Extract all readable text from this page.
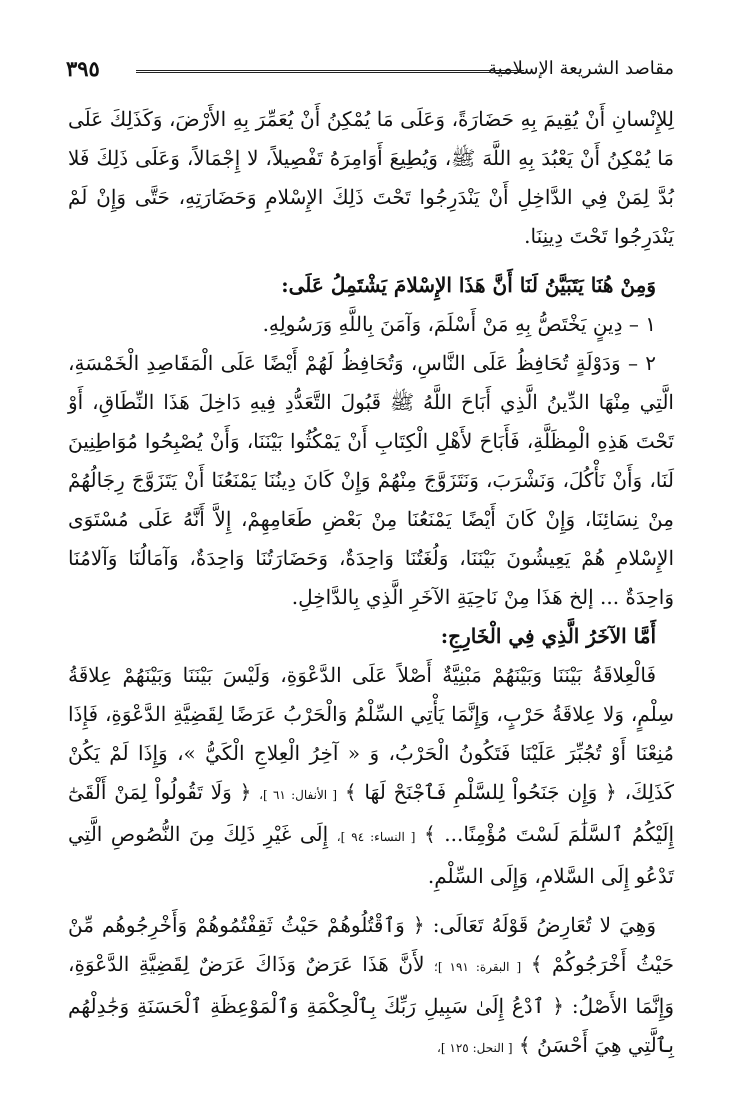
مقاصد الشريعة الإسلامية
٣٩٥

لِلإِنْسانِ أَنْ يُقِيمَ بِهِ حَضَارَةً، وَعَلَى مَا يُمْكِنُ أَنْ يُعَمِّرَ بِهِ الأَرْضَ، وَكَذَلِكَ عَلَى مَا يُمْكِنُ أَنْ يَعْبُدَ بِهِ اللَّهَ ﷺ، وَيُطِيعَ أَوَامِرَهُ تَفْصِيلاً، لا إِجْمَالاً، وَعَلَى ذَلِكَ فَلا بُدَّ لِمَنْ فِي الدَّاخِلِ أَنْ يَنْدَرِجُوا تَحْتَ ذَلِكَ الإِسْلامِ وَحَضَارَتِهِ، حَتَّى وَإِنْ لَمْ يَنْدَرِجُوا تَحْتَ دِينِنَا.

وَمِنْ هُنَا يَتَبَيَّنُ لَنَا أَنَّ هَذَا الإِسْلامَ يَشْتَمِلُ عَلَى:

١ – دِينٍ يَخْتَصُّ بِهِ مَنْ أَسْلَمَ، وَآمَنَ بِاللَّهِ وَرَسُولِهِ.

٢ – وَدَوْلَةٍ تُحَافِظُ عَلَى النَّاسِ، وَتُحَافِظُ لَهُمْ أَيْضًا عَلَى الْمَقَاصِدِ الْخَمْسَةِ، الَّتِي مِنْهَا الدِّينُ الَّذِي أَبَاحَ اللَّهُ ﷺ قَبُولَ التَّعَدُّدِ فِيهِ دَاخِلَ هَذَا النِّطَاقِ، أَوْ تَحْتَ هَذِهِ الْمِظَلَّةِ، فَأَبَاحَ لأَهْلِ الْكِتَابِ أَنْ يَمْكُثُوا بَيْنَنَا، وَأَنْ يُصْبِحُوا مُوَاطِنِينَ لَنَا، وَأَنْ نَأْكُلَ، وَنَشْرَبَ، وَنَتَزَوَّجَ مِنْهُمْ وَإِنْ كَانَ دِينُنَا يَمْنَعُنَا أَنْ يَتَزَوَّجَ رِجَالُهُمْ مِنْ نِسَائِنَا، وَإِنْ كَانَ أَيْضًا يَمْنَعُنَا مِنْ بَعْضِ طَعَامِهِمْ، إِلاَّ أَنَّهُ عَلَى مُسْتَوَى الإِسْلامِ هُمْ يَعِيشُونَ بَيْنَنَا، وَلُغَتُنَا وَاحِدَةٌ، وَحَضَارَتُنَا وَاحِدَةٌ، وَآمَالُنَا وَآلامُنَا وَاحِدَةٌ ... إلخ هَذَا مِنْ نَاحِيَةِ الآخَرِ الَّذِي بِالدَّاخِلِ.

أَمَّا الآخَرُ الَّذِي فِي الْخَارِجِ:

فَالْعِلاقَةُ بَيْنَنَا وَبَيْنَهُمْ مَبْنِيَّةٌ أَصْلاً عَلَى الدَّعْوَةِ، وَلَيْسَ بَيْنَنَا وَبَيْنَهُمْ عِلاقَةُ سِلْمٍ، وَلا عِلاقَةُ حَرْبٍ، وَإِنَّمَا يَأْتِي السِّلْمُ وَالْحَرْبُ عَرَضًا لِقَضِيَّةِ الدَّعْوَةِ، فَإِذَا مُنِعْنَا أَوْ تُجُبِّرَ عَلَيْنَا فَتَكُونُ الْحَرْبُ، وَ « آخِرُ الْعِلاجِ الْكَيُّ »، وَإِذَا لَمْ يَكُنْ كَذَلِكَ، ﴿ وَإِن جَنَحُواْ لِلسَّلْمِ فَٱجْنَحْ لَهَا ﴾ [ الأنفال: ٦١ ]، ﴿ وَلَا تَقُولُواْ لِمَنْ أَلْقَىٰٓ إِلَيْكُمُ ٱلسَّلَٰمَ لَسْتَ مُؤْمِنًا... ﴾ [ النساء: ٩٤ ]، إِلَى غَيْرِ ذَلِكَ مِنَ النُّصُوصِ الَّتِي تَدْعُو إِلَى السَّلامِ، وَإِلَى السِّلْمِ.

وَهِيَ لا تُعَارِضُ قَوْلَهُ تَعَالَى: ﴿ وَٱقْتُلُوهُمْ حَيْثُ ثَقِفْتُمُوهُمْ وَأَخْرِجُوهُم مِّنْ حَيْثُ أَخْرَجُوكُمْ ﴾ [ البقرة: ١٩١ ]؛ لأَنَّ هَذَا عَرَضٌ وَذَاكَ عَرَضٌ لِقَضِيَّةِ الدَّعْوَةِ، وَإِنَّمَا الأَصْلُ: ﴿ ٱدْعُ إِلَىٰ سَبِيلِ رَبِّكَ بِٱلْحِكْمَةِ وَٱلْمَوْعِظَةِ ٱلْحَسَنَةِ وَجَٰدِلْهُم بِٱلَّتِي هِيَ أَحْسَنُ ﴾ [ النحل: ١٢٥ ]،
